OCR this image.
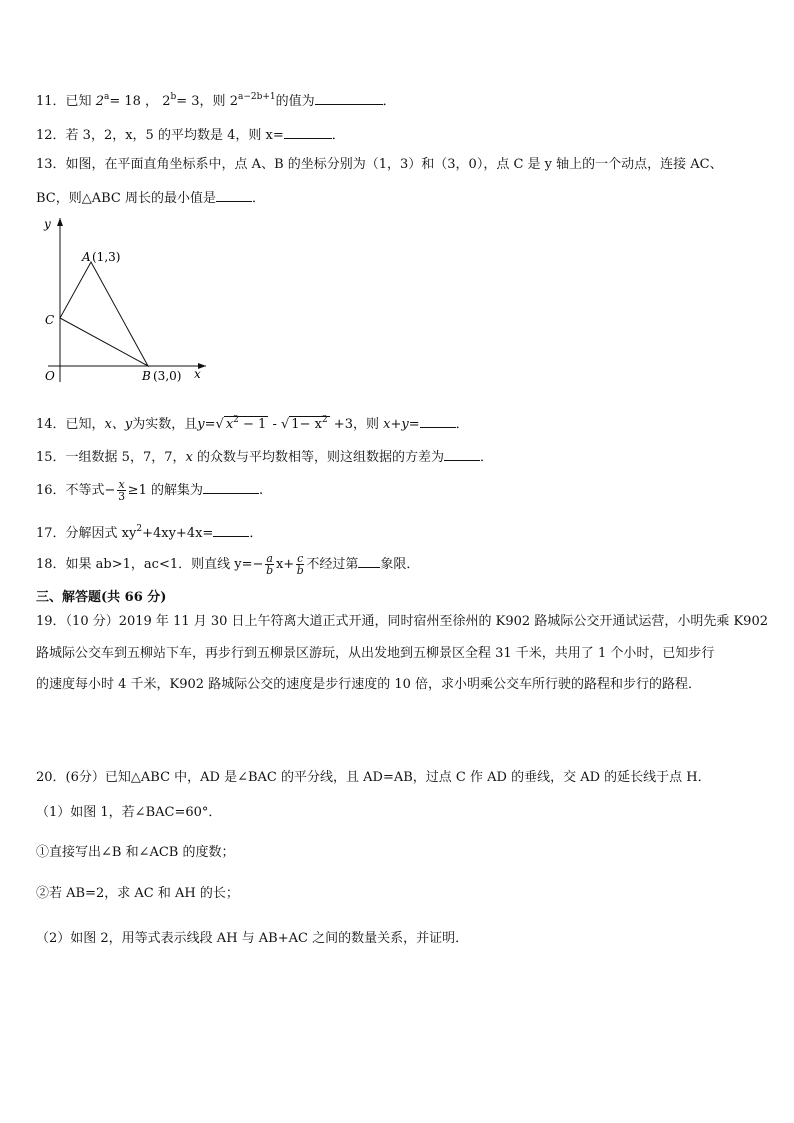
11．已知 $2^a= 18$ ， $2^b= 3$，则 $2^{a-2b+1}$的值为	．
12．若 3，2，x，5 的平均数是 4，则 x=	．
13．如图，在平面直角坐标系中，点 A、B 的坐标分别为（1，3）和（3，0），点 C 是 y 轴上的一个动点，连接 AC、
BC，则△ABC 周长的最小值是	．
y
x
O
A (1,3)
B (3,0)
C
14．已知，x、y为实数，且y=√ $x^2 - 1$ - √ $1- x^2 +3$，则 x+y=	．
15．一组数据 5，7，7，x 的众数与平均数相等，则这组数据的方差为	．
16．不等式− $\frac{x}{3} \ge 1$ 的解集为	.
17．分解因式 $xy^2+4xy+4x=$	．
18．如果 ab>1，ac<1．则直线 $y=- \frac{a}{b} x+ \frac{c}{b}$ 不经过第 象限．
三、解答题(共 66 分)
19．（10 分）2019 年 11 月 30 日上午符离大道正式开通，同时宿州至徐州的 K902 路城际公交开通试运营，小明先乘 K902
路城际公交车到五柳站下车，再步行到五柳景区游玩，从出发地到五柳景区全程 31 千米，共用了 1 个小时，已知步行
的速度每小时 4 千米，K902 路城际公交的速度是步行速度的 10 倍，求小明乘公交车所行驶的路程和步行的路程．
20．(6分）已知△ABC 中，AD 是∠BAC 的平分线，且 AD=AB，过点 C 作 AD 的垂线，交 AD 的延长线于点 H．
（1）如图 1，若∠BAC=60°．
①直接写出∠B 和∠ACB 的度数；
②若 AB=2，求 AC 和 AH 的长；
（2）如图 2，用等式表示线段 AH 与 AB+AC 之间的数量关系，并证明．
